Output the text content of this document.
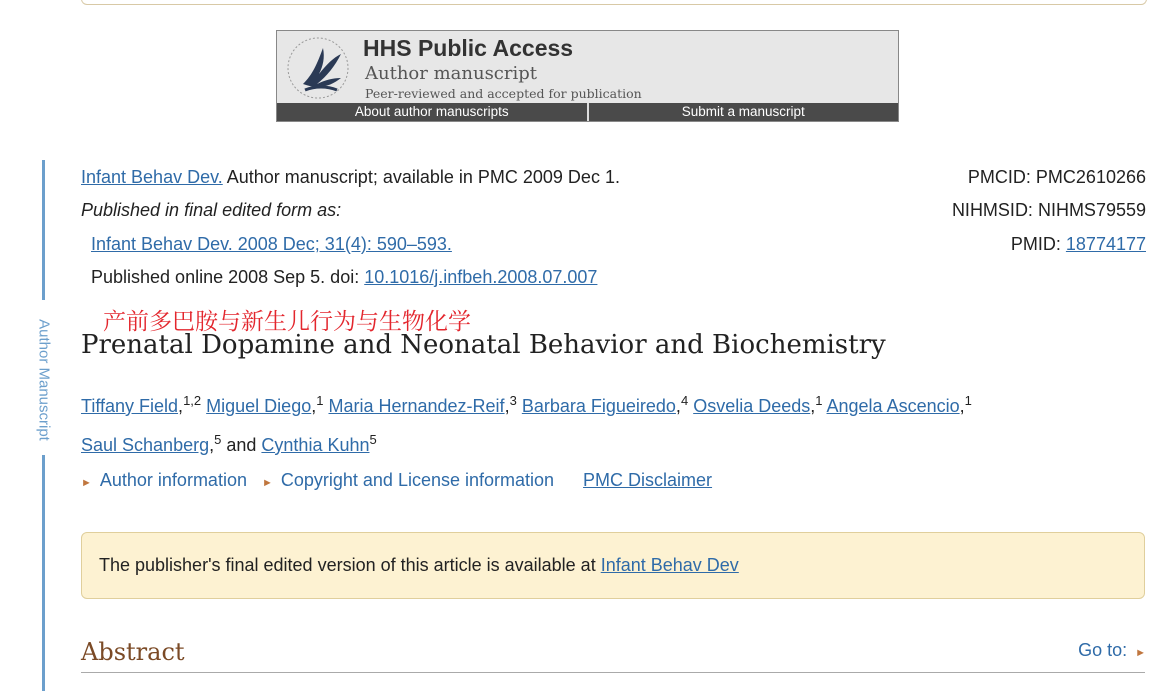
HHS Public Access
Author manuscript
Peer-reviewed and accepted for publication
About author manuscripts	Submit a manuscript
Author Manuscript
Infant Behav Dev. Author manuscript; available in PMC 2009 Dec 1.
Published in final edited form as:
Infant Behav Dev. 2008 Dec; 31(4): 590–593.
Published online 2008 Sep 5. doi: 10.1016/j.infbeh.2008.07.007
PMCID: PMC2610266
NIHMSID: NIHMS79559
PMID: 18774177
产前多巴胺与新生儿行为与生物化学
Prenatal Dopamine and Neonatal Behavior and Biochemistry
Tiffany Field,$^{1,2}$ Miguel Diego,$^1$ Maria Hernandez-Reif,$^3$ Barbara Figueiredo,$^4$ Osvelia Deeds,$^1$ Angela Ascencio,$^1$
Saul Schanberg,$^5$ and Cynthia Kuhn$^5$
► Author information ► Copyright and License information PMC Disclaimer
The publisher's final edited version of this article is available at Infant Behav Dev
Abstract	Go to: ►
